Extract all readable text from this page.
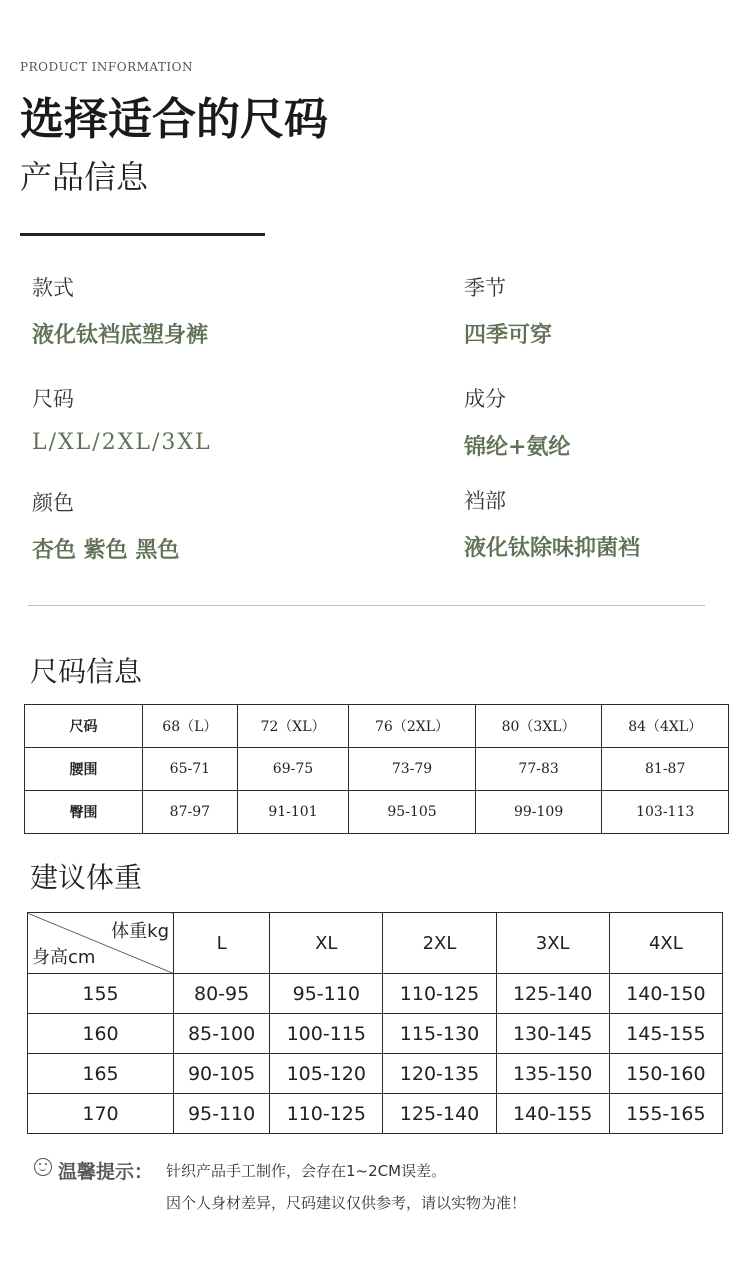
PRODUCT INFORMATION
选择适合的尺码
产品信息
款式
液化钛裆底塑身裤
季节
四季可穿
尺码
L/XL/2XL/3XL
成分
锦纶+氨纶
颜色
杏色 紫色 黑色
裆部
液化钛除味抑菌裆
尺码信息
尺码	68（L）	72（XL）	76（2XL）	80（3XL）	84（4XL）
腰围	65-71	69-75	73-79	77-83	81-87
臀围	87-97	91-101	95-105	99-109	103-113
建议体重
体重kg
身高cm	L	XL	2XL	3XL	4XL
155	80-95	95-110	110-125	125-140	140-150
160	85-100	100-115	115-130	130-145	145-155
165	90-105	105-120	120-135	135-150	150-160
170	95-110	110-125	125-140	140-155	155-165
温馨提示： 针织产品手工制作，会存在1~2CM误差。
因个人身材差异，尺码建议仅供参考，请以实物为准！
